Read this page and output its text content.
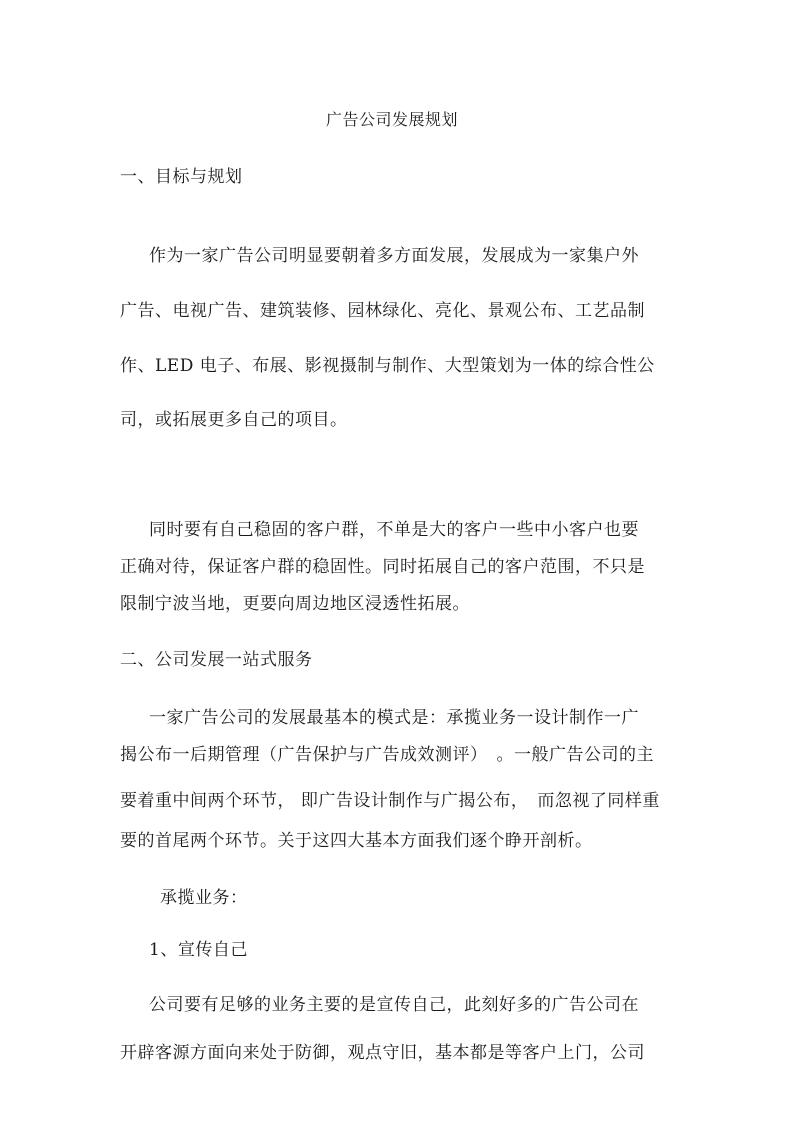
广告公司发展规划
一、目标与规划
作为一家广告公司明显要朝着多方面发展，发展成为一家集户外
广告、电视广告、建筑装修、园林绿化、亮化、景观公布、工艺品制
作、LED 电子、布展、影视摄制与制作、大型策划为一体的综合性公
司，或拓展更多自己的项目。
同时要有自己稳固的客户群，不单是大的客户一些中小客户也要
正确对待，保证客户群的稳固性。同时拓展自己的客户范围，不只是
限制宁波当地，更要向周边地区浸透性拓展。
二、公司发展一站式服务
一家广告公司的发展最基本的模式是：承揽业务一设计制作一广
揭公布一后期管理（广告保护与广告成效测评）　。一般广告公司的主
要着重中间两个环节， 即广告设计制作与广揭公布，　而忽视了同样重
要的首尾两个环节。关于这四大基本方面我们逐个睁开剖析。
承揽业务：
1、宣传自己
公司要有足够的业务主要的是宣传自己，此刻好多的广告公司在
开辟客源方面向来处于防御，观点守旧，基本都是等客户上门，公司
